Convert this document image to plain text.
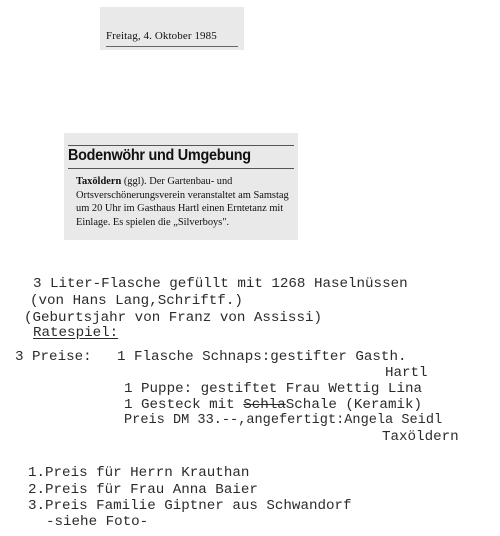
Freitag, 4. Oktober 1985
Bodenwöhr und Umgebung
Taxöldern (ggl). Der Gartenbau- und Ortsverschönerungsverein veranstaltet am Samstag um 20 Uhr im Gasthaus Hartl einen Erntetanz mit Einlage. Es spielen die „Silverboys".
3 Liter-Flasche gefüllt mit 1268 Haselnüssen
(von Hans Lang,Schriftf.)
(Geburtsjahr von Franz von Assissi)
Ratespiel:
3 Preise: 1 Flasche Schnaps:gestifter Gasth.
Hartl
1 Puppe: gestiftet Frau Wettig Lina
1 Gesteck mit SchlaSchale (Keramik)
Preis DM 33.--,angefertigt:Angela Seidl
Taxöldern
1.Preis für Herrn Krauthan
2.Preis für Frau Anna Baier
3.Preis Familie Giptner aus Schwandorf
-siehe Foto-
